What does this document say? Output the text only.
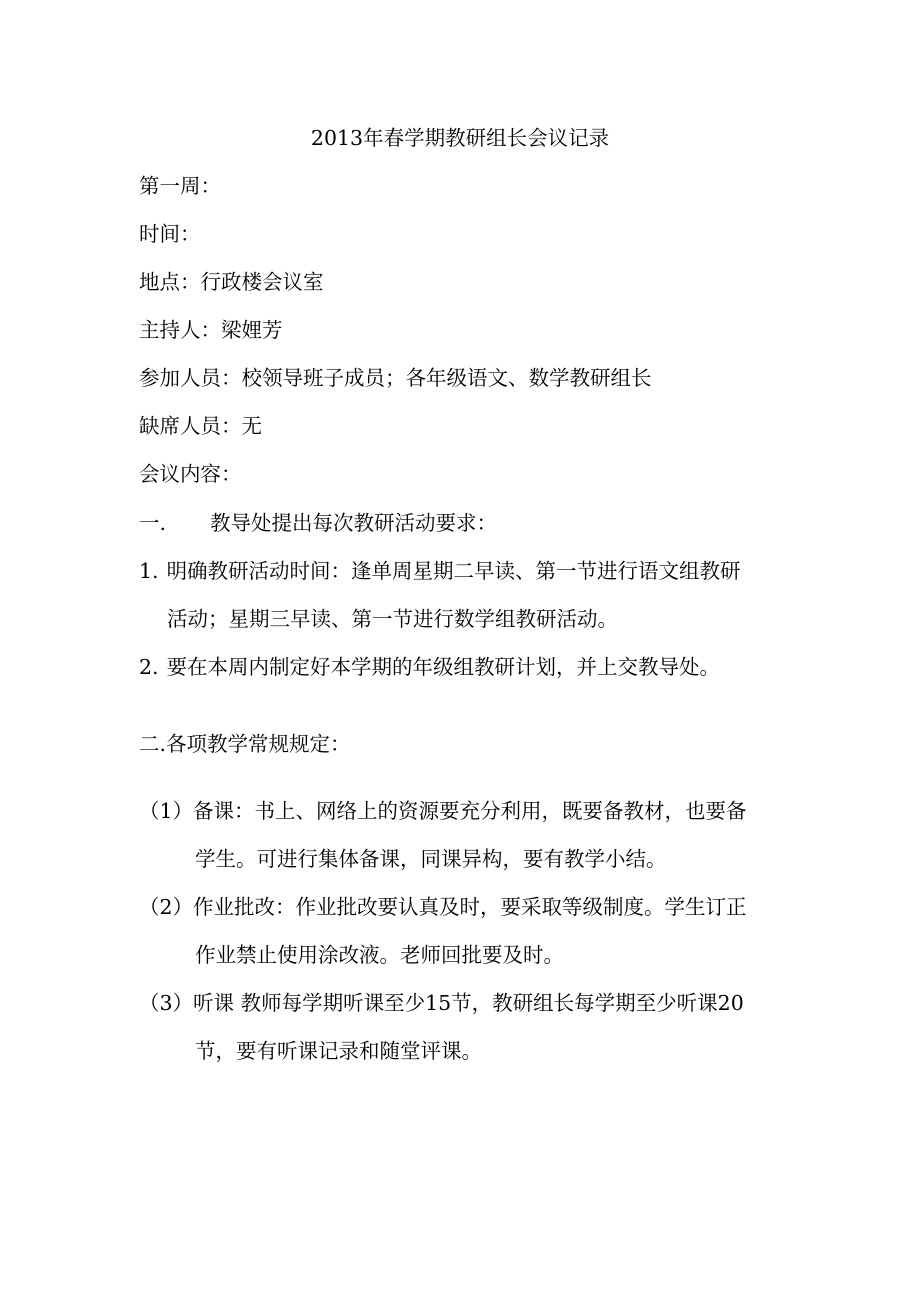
2013年春学期教研组长会议记录
第一周：
时间：
地点：行政楼会议室
主持人：梁娌芳
参加人员：校领导班子成员；各年级语文、数学教研组长
缺席人员：无
会议内容：
一. 教导处提出每次教研活动要求：
1. 明确教研活动时间：逢单周星期二早读、第一节进行语文组教研
活动；星期三早读、第一节进行数学组教研活动。
2. 要在本周内制定好本学期的年级组教研计划，并上交教导处。
二.各项教学常规规定：
（1）备课：书上、网络上的资源要充分利用，既要备教材，也要备
学生。可进行集体备课，同课异构，要有教学小结。
（2）作业批改：作业批改要认真及时，要采取等级制度。学生订正
作业禁止使用涂改液。老师回批要及时。
（3）听课 教师每学期听课至少15节，教研组长每学期至少听课20
节，要有听课记录和随堂评课。
